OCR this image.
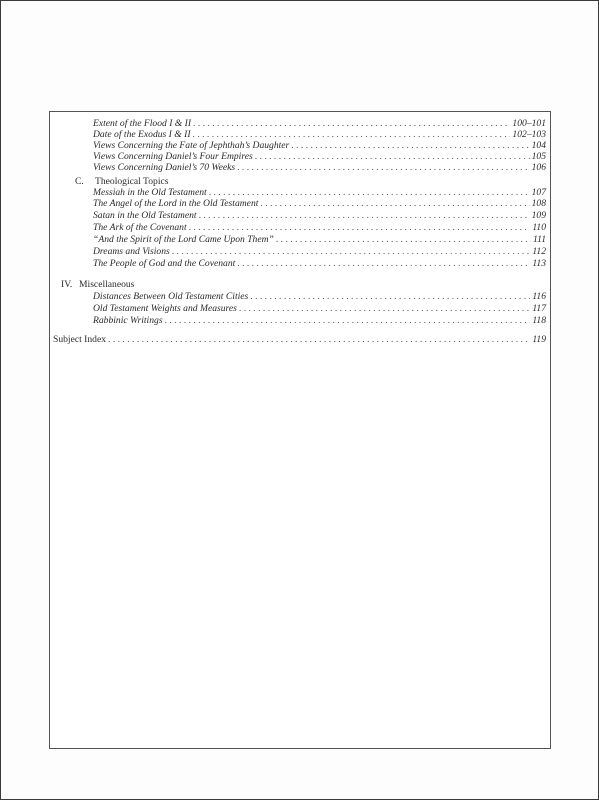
Extent of the Flood I & II . . .	100–101
Date of the Exodus I & II . . .	102–103
Views Concerning the Fate of Jephthah’s Daughter . . .	104
Views Concerning Daniel’s Four Empires . . .	105
Views Concerning Daniel’s 70 Weeks . . .	106
C. Theological Topics
Messiah in the Old Testament . . .	107
The Angel of the Lord in the Old Testament . . .	108
Satan in the Old Testament . . .	109
The Ark of the Covenant . . .	110
“And the Spirit of the Lord Came Upon Them” . . .	111
Dreams and Visions . . .	112
The People of God and the Covenant . . .	113
IV. Miscellaneous
Distances Between Old Testament Cities . . .	116
Old Testament Weights and Measures . . .	117
Rabbinic Writings . . .	118
Subject Index . . .	119
